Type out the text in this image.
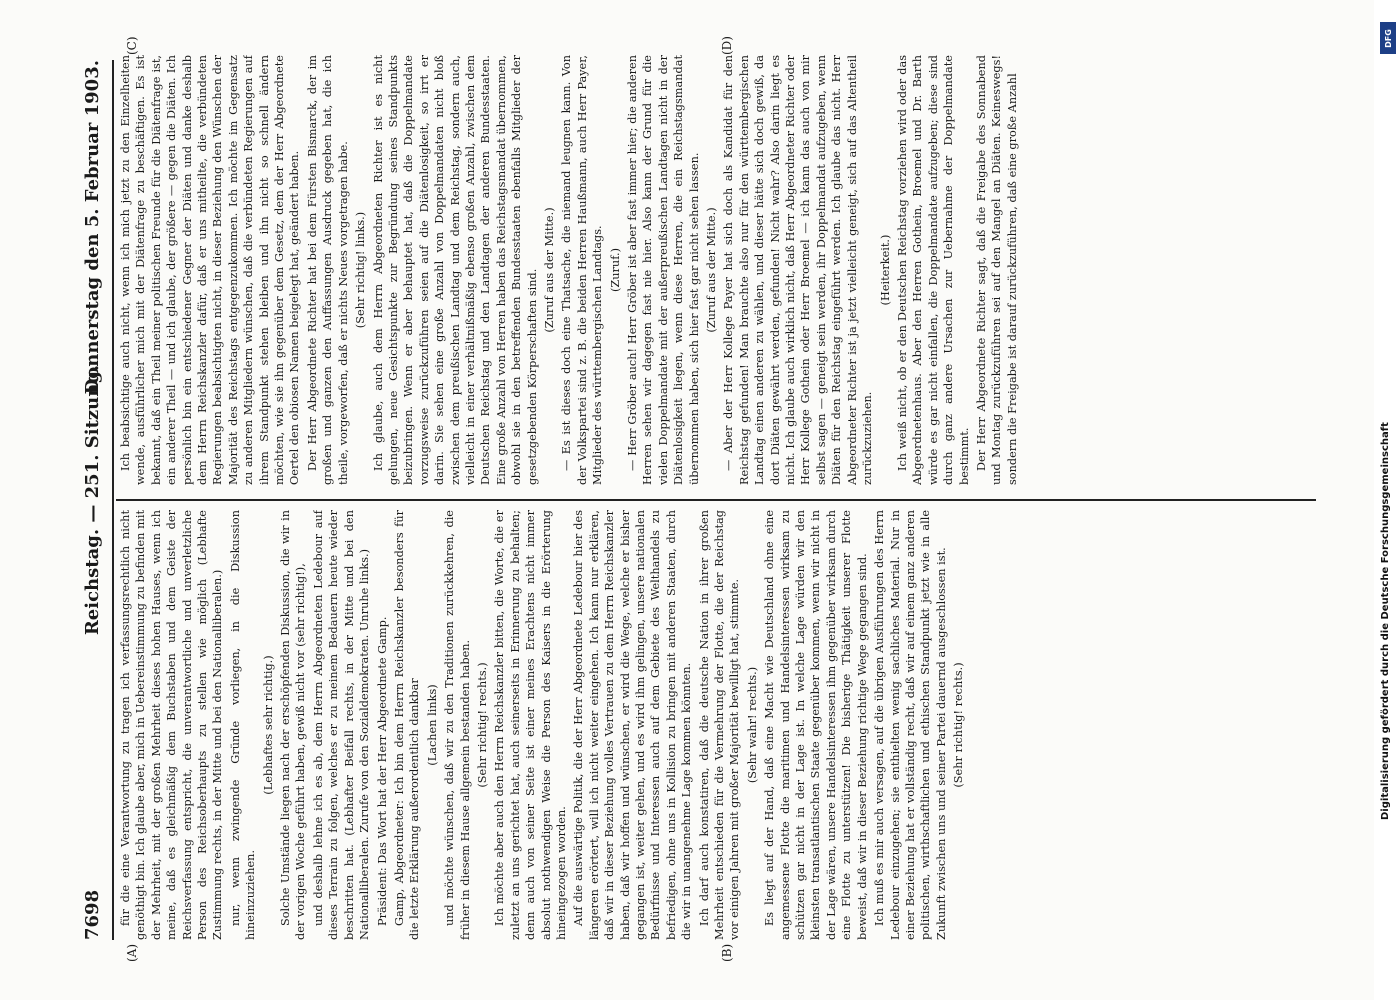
7698
Reichstag. — 251. Sitzung.
Donnerstag den 5. Februar 1903.
(A)	(B)
(C)	(D)

für die eine Verantwortung zu tragen ich verfassungsrechtlich nicht genöthigt bin. Ich glaube aber, mich in Uebereinstimmung zu befinden mit der Mehrheit, mit der großen Mehrheit dieses hohen Hauses, wenn ich meine, daß es gleichmäßig dem Buchstaben und dem Geiste der Reichsverfassung entspricht, die unverantwortliche und unverletzliche Person des Reichsoberhaupts zu stellen wie möglich (Lebhafte Zustimmung rechts, in der Mitte und bei den Nationalliberalen.) nur, wenn zwingende Gründe vorliegen, in die Diskussion hineinzuziehen.

(Lebhaftes sehr richtig.) Solche Umstände liegen nach der erschöpfenden Diskussion, die wir in der vorigen Woche geführt haben, gewiß nicht vor (sehr richtig!), und deshalb lehne ich es ab, dem Herrn Abgeordneten Ledebour auf dieses Terrain zu folgen, welches er zu meinem Bedauern heute wieder beschritten hat. (Lebhafter Beifall rechts, in der Mitte und bei den Nationalliberalen. Zurufe von den Sozialdemokraten. Unruhe links.) Präsident: Das Wort hat der Herr Abgeordnete Gamp. Gamp, Abgeordneter: Ich bin dem Herrn Reichskanzler besonders für die letzte Erklärung außerordentlich dankbar (Lachen links) und möchte wünschen, daß wir zu den Traditionen zurückkehren, die früher in diesem Hause allgemein bestanden haben. (Sehr richtig! rechts.) Ich möchte aber auch den Herrn Reichskanzler bitten, die Worte, die er zuletzt an uns gerichtet hat, auch seinerseits in Erinnerung zu behalten; denn auch von seiner Seite ist einer meines Erachtens nicht immer absolut nothwendigen Weise die Person des Kaisers in die Erörterung hineingezogen worden. Auf die auswärtige Politik, die der Herr Abgeordnete Ledebour hier des längeren erörtert, will ich nicht weiter eingehen. Ich kann nur erklären, daß wir in dieser Beziehung volles Vertrauen zu dem Herrn Reichskanzler haben, daß wir hoffen und wünschen, er wird die Wege, welche er bisher gegangen ist, weiter gehen, und es wird ihm gelingen, unsere nationalen Bedürfnisse und Interessen auch auf dem Gebiete des Welthandels zu befriedigen, ohne uns in Kollision zu bringen mit anderen Staaten, durch die wir in unangenehme Lage kommen könnten. Ich darf auch konstatiren, daß die deutsche Nation in ihrer großen Mehrheit entschieden für die Vermehrung der Flotte, die der Reichstag vor einigen Jahren mit großer Majorität bewilligt hat, stimmte. (Sehr wahr! rechts.) Es liegt auf der Hand, daß eine Macht wie Deutschland ohne eine angemessene Flotte die maritimen und Handelsinteressen wirksam zu schützen gar nicht in der Lage ist. In welche Lage würden wir den kleinsten transatlantischen Staate gegenüber kommen, wenn wir nicht in der Lage wären, unsere Handelsinteressen ihm gegenüber wirksam durch eine Flotte zu unterstützen! Die bisherige Thätigkeit unserer Flotte beweist, daß wir in dieser Beziehung richtige Wege gegangen sind. Ich muß es mir auch versagen, auf die übrigen Ausführungen des Herrn Ledebour einzugehen; sie enthielten wenig sachliches Material. Nur in einer Beziehung hat er vollständig recht, daß wir auf einem ganz anderen politischen, wirthschaftlichen und ethischen Standpunkt jetzt wie in alle Zukunft zwischen uns und seiner Partei dauernd ausgeschlossen ist. (Sehr richtig! rechts.)

Ich beabsichtige auch nicht, wenn ich mich jetzt zu den Einzelheiten wende, ausführlicher mich mit der Diätenfrage zu beschäftigen. Es ist bekannt, daß ein Theil meiner politischen Freunde für die Diätenfrage ist, ein anderer Theil — und ich glaube, der größere — gegen die Diäten. Ich persönlich bin ein entschiedener Gegner der Diäten und danke deshalb dem Herrn Reichskanzler dafür, daß er uns mitheilte, die verbündeten Regierungen beabsichtigten nicht, in dieser Beziehung den Wünschen der Majorität des Reichstags entgegenzukommen. Ich möchte im Gegensatz zu anderen Mitgliedern wünschen, daß die verbündeten Regierungen auf ihrem Standpunkt stehen bleiben und ihn nicht so schnell ändern möchten, wie sie ihn gegenüber dem Gesetz, dem der Herr Abgeordnete Oertel den obiosen Namen beigelegt hat, geändert haben. Der Herr Abgeordnete Richter hat bei dem Fürsten Bismarck, der im großen und ganzen den Auffassungen Ausdruck gegeben hat, die ich theile, vorgeworfen, daß er nichts Neues vorgetragen habe. (Sehr richtig! links.) Ich glaube, auch dem Herrn Abgeordneten Richter ist es nicht gelungen, neue Gesichtspunkte zur Begründung seines Standpunkts beizubringen. Wenn er aber behauptet hat, daß die Doppelmandate vorzugsweise zurückzuführen seien auf die Diätenlosigkeit, so irrt er darin. Sie sehen eine große Anzahl von Doppelmandaten nicht bloß zwischen dem preußischen Landtag und dem Reichstag, sondern auch, vielleicht in einer verhältnißmäßig ebenso großen Anzahl, zwischen dem Deutschen Reichstag und den Landtagen der anderen Bundesstaaten. Eine große Anzahl von Herren haben das Reichstagsmandat übernommen, obwohl sie in den betreffenden Bundesstaaten ebenfalls Mitglieder der gesetzgebenden Körperschaften sind. (Zuruf aus der Mitte.) — Es ist dieses doch eine Thatsache, die niemand leugnen kann. Von der Volkspartei sind z. B. die beiden Herren Haußmann, auch Herr Payer, Mitglieder des württembergischen Landtags. (Zuruf.) — Herr Gröber auch! Herr Gröber ist aber fast immer hier; die anderen Herren sehen wir dagegen fast nie hier. Also kann der Grund für die vielen Doppelmandate mit der außerpreußischen Landtagen nicht in der Diätenlosigkeit liegen, wenn diese Herren, die ein Reichstagsmandat übernommen haben, sich hier fast gar nicht sehen lassen. (Zuruf aus der Mitte.) — Aber der Herr Kollege Payer hat sich doch als Kandidat für den Reichstag gefunden! Man brauchte also nur für den württembergischen Landtag einen anderen zu wählen, und dieser hätte sich doch gewiß, da dort Diäten gewährt werden, gefunden! Nicht wahr? Also darin liegt es nicht. Ich glaube auch wirklich nicht, daß Herr Abgeordneter Richter oder Herr Kollege Gothein oder Herr Broemel — ich kann das auch von mir selbst sagen — geneigt sein werden, ihr Doppelmandat aufzugeben, wenn Diäten für den Reichstag eingeführt werden. Ich glaube das nicht. Herr Abgeordneter Richter ist ja jetzt vielleicht geneigt, sich auf das Altentheil zurückzuziehen.

(Heiterkeit.) Ich weiß nicht, ob er den Deutschen Reichstag vorziehen wird oder das Abgeordnetenhaus. Aber den Herren Gothein, Broemel und Dr. Barth würde es gar nicht einfallen, die Doppelmandate aufzugeben; diese sind durch ganz andere Ursachen zur Uebernahme der Doppelmandate bestimmt. Der Herr Abgeordnete Richter sagt, daß die Freigabe des Sonnabend und Montag zurückzuführen sei auf den Mangel an Diäten. Keineswegs! sondern die Freigabe ist darauf zurückzuführen, daß eine große Anzahl

DFG
Digitalisierung gefördert durch die Deutsche Forschungsgemeinschaft
